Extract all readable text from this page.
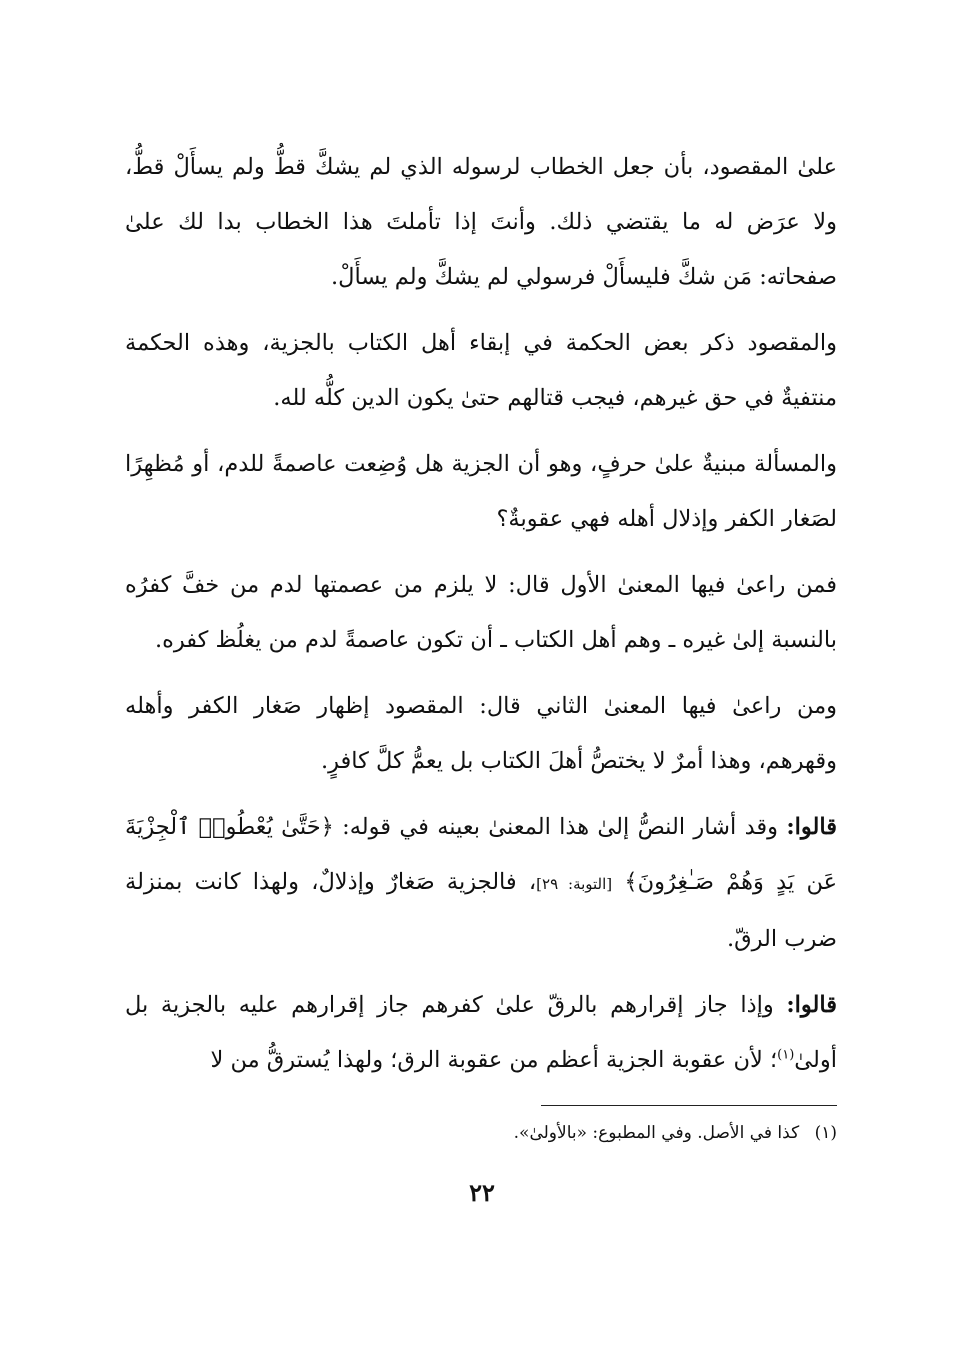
علىٰ المقصود، بأن جعل الخطاب لرسوله الذي لم يشكَّ قطُّ ولم يسأَلْ قطُّ، ولا عرَض له ما يقتضي ذلك. وأنتَ إذا تأملتَ هذا الخطاب بدا لك علىٰ صفحاته: مَن شكَّ فليسأَلْ فرسولي لم يشكَّ ولم يسأَلْ.

والمقصود ذكر بعض الحكمة في إبقاء أهل الكتاب بالجزية، وهذه الحكمة منتفيةٌ في حق غيرهم، فيجب قتالهم حتىٰ يكون الدين كلُّه لله.

والمسألة مبنيةٌ علىٰ حرفٍ، وهو أن الجزية هل وُضِعت عاصمةً للدم، أو مُظهِرًا لصَغار الكفر وإذلال أهله فهي عقوبةٌ؟

فمن راعىٰ فيها المعنىٰ الأول قال: لا يلزم من عصمتها لدم من خفَّ كفرُه بالنسبة إلىٰ غيره ـ وهم أهل الكتاب ـ أن تكون عاصمةً لدم من يغلُظ كفره.

ومن راعىٰ فيها المعنىٰ الثاني قال: المقصود إظهار صَغار الكفر وأهله وقهرهم، وهذا أمرٌ لا يختصُّ أهلَ الكتاب بل يعمُّ كلَّ كافرٍ.

قالوا: وقد أشار النصُّ إلىٰ هذا المعنىٰ بعينه في قوله: ﴿حَتَّىٰ يُعْطُوا۟ ٱلْجِزْيَةَ عَن يَدٍ وَهُمْ صَـٰغِرُونَ﴾ [التوبة: ٢٩]، فالجزية صَغارٌ وإذلالٌ، ولهذا كانت بمنزلة ضرب الرقّ.

قالوا: وإذا جاز إقرارهم بالرقّ علىٰ كفرهم جاز إقرارهم عليه بالجزية بل أولىٰ$^{(١)}$؛ لأن عقوبة الجزية أعظم من عقوبة الرق؛ ولهذا يُسترقُّ من لا

(١) كذا في الأصل. وفي المطبوع: «بالأولىٰ».
٢٢
